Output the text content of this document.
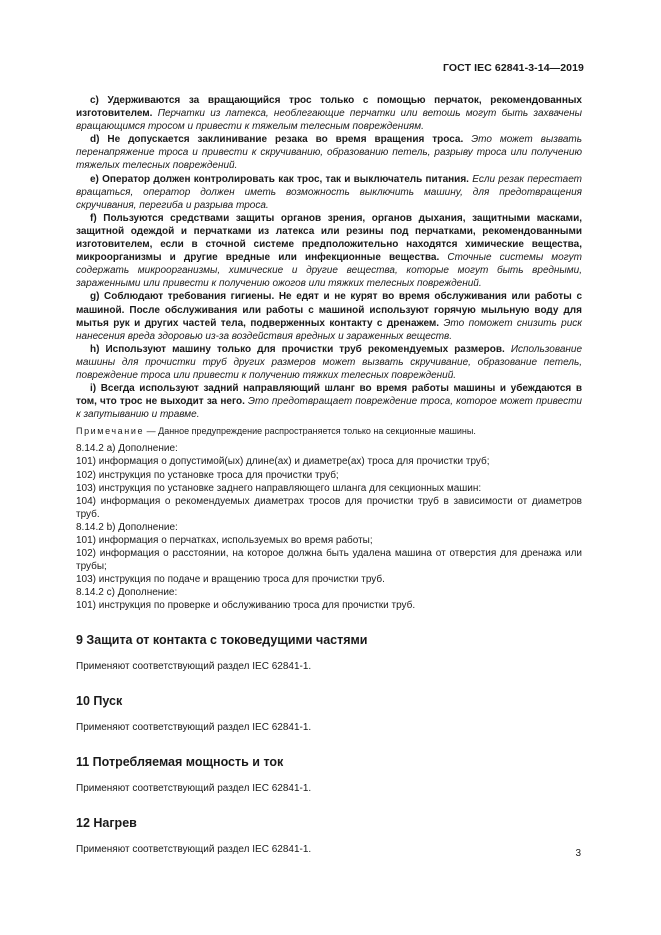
ГОСТ IEC 62841-3-14—2019

c) Удерживаются за вращающийся трос только с помощью перчаток, рекомендованных изготовителем. Перчатки из латекса, необлегающие перчатки или ветошь могут быть захвачены вращающимся тросом и привести к тяжелым телесным повреждениям.

d) Не допускается заклинивание резака во время вращения троса. Это может вызвать перенапряжение троса и привести к скручиванию, образованию петель, разрыву троса или получению тяжелых телесных повреждений.

e) Оператор должен контролировать как трос, так и выключатель питания. Если резак перестает вращаться, оператор должен иметь возможность выключить машину, для предотвращения скручивания, перегиба и разрыва троса.

f) Пользуются средствами защиты органов зрения, органов дыхания, защитными масками, защитной одеждой и перчатками из латекса или резины под перчатками, рекомендованными изготовителем, если в сточной системе предположительно находятся химические вещества, микроорганизмы и другие вредные или инфекционные вещества. Сточные системы могут содержать микроорганизмы, химические и другие вещества, которые могут быть вредными, зараженными или привести к получению ожогов или тяжких телесных повреждений.

g) Соблюдают требования гигиены. Не едят и не курят во время обслуживания или работы с машиной. После обслуживания или работы с машиной используют горячую мыльную воду для мытья рук и других частей тела, подверженных контакту с дренажем. Это поможет снизить риск нанесения вреда здоровью из-за воздействия вредных и зараженных веществ.

h) Используют машину только для прочистки труб рекомендуемых размеров. Использование машины для прочистки труб других размеров может вызвать скручивание, образование петель, повреждение троса или привести к получению тяжких телесных повреждений.

i) Всегда используют задний направляющий шланг во время работы машины и убеждаются в том, что трос не выходит за него. Это предотвращает повреждение троса, которое может привести к запутыванию и травме.

Примечание — Данное предупреждение распространяется только на секционные машины.

8.14.2 а) Дополнение:

101) информация о допустимой(ых) длине(ах) и диаметре(ах) троса для прочистки труб;

102) инструкция по установке троса для прочистки труб;

103) инструкция по установке заднего направляющего шланга для секционных машин:

104) информация о рекомендуемых диаметрах тросов для прочистки труб в зависимости от диаметров труб.

8.14.2 b) Дополнение:

101) информация о перчатках, используемых во время работы;

102) информация о расстоянии, на которое должна быть удалена машина от отверстия для дренажа или трубы;

103) инструкция по подаче и вращению троса для прочистки труб.

8.14.2 с) Дополнение:

101) инструкция по проверке и обслуживанию троса для прочистки труб.

9 Защита от контакта с токоведущими частями

Применяют соответствующий раздел IEC 62841-1.

10 Пуск

Применяют соответствующий раздел IEC 62841-1.

11 Потребляемая мощность и ток

Применяют соответствующий раздел IEC 62841-1.

12 Нагрев

Применяют соответствующий раздел IEC 62841-1.	3
